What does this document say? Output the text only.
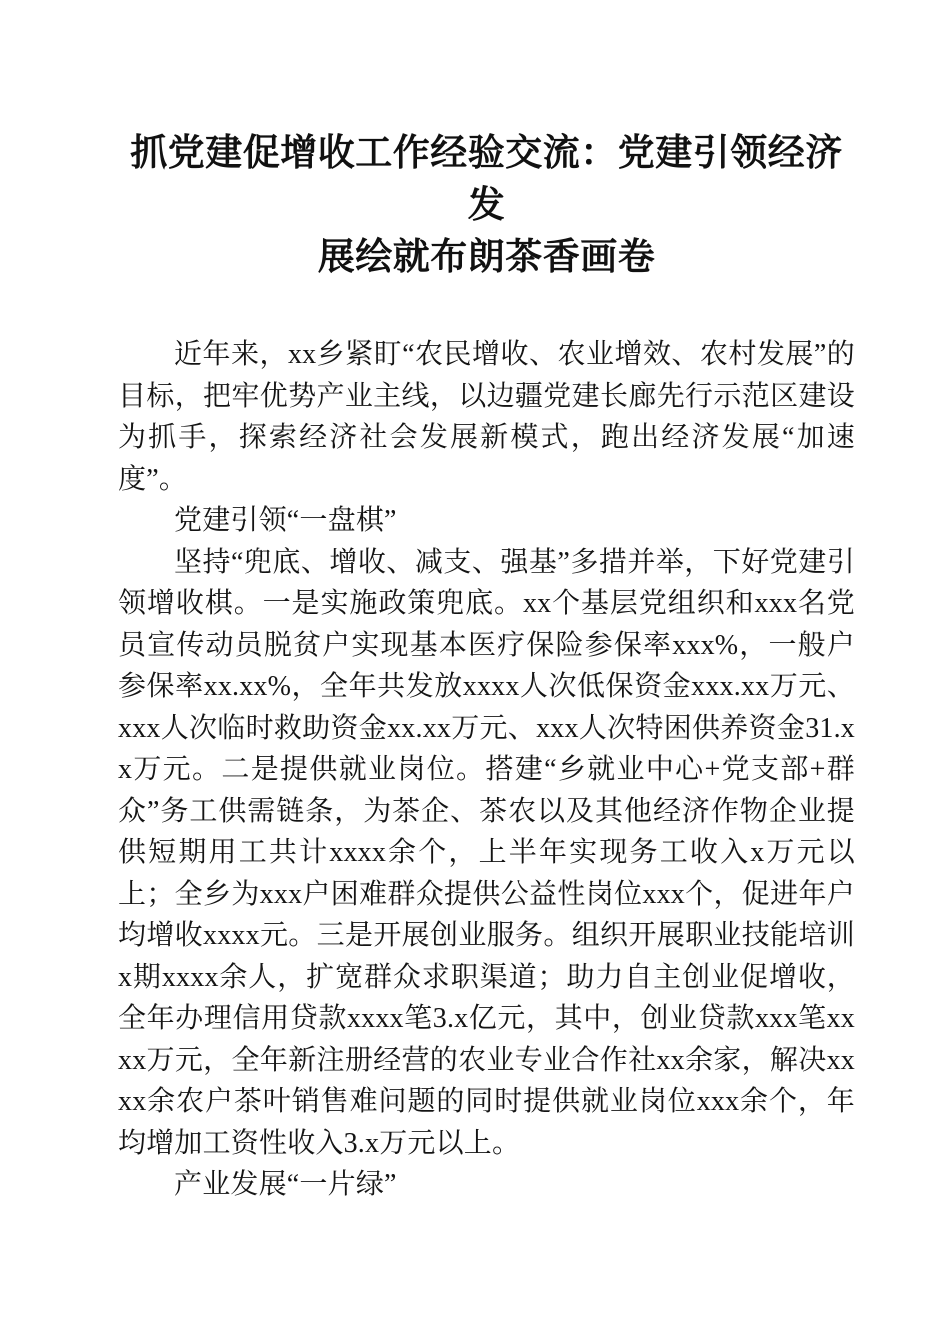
抓党建促增收工作经验交流：党建引领经济发
展绘就布朗茶香画卷

近年来，xx乡紧盯“农民增收、农业增效、农村发展”的目标，把牢优势产业主线，以边疆党建长廊先行示范区建设为抓手，探索经济社会发展新模式，跑出经济发展“加速度”。

党建引领“一盘棋”

坚持“兜底、增收、减支、强基”多措并举，下好党建引领增收棋。一是实施政策兜底。xx个基层党组织和xxx名党员宣传动员脱贫户实现基本医疗保险参保率xxx%，一般户参保率xx.xx%，全年共发放xxxx人次低保资金xxx.xx万元、xxx人次临时救助资金xx.xx万元、xxx人次特困供养资金31.xx万元。二是提供就业岗位。搭建“乡就业中心+党支部+群众”务工供需链条，为茶企、茶农以及其他经济作物企业提供短期用工共计xxxx余个，上半年实现务工收入x万元以上；全乡为xxx户困难群众提供公益性岗位xxx个，促进年户均增收xxxx元。三是开展创业服务。组织开展职业技能培训x期xxxx余人，扩宽群众求职渠道；助力自主创业促增收，全年办理信用贷款xxxx笔3.x亿元，其中，创业贷款xxx笔xxxx万元，全年新注册经营的农业专业合作社xx余家，解决xxxx余农户茶叶销售难问题的同时提供就业岗位xxx余个，年均增加工资性收入3.x万元以上。

产业发展“一片绿”
